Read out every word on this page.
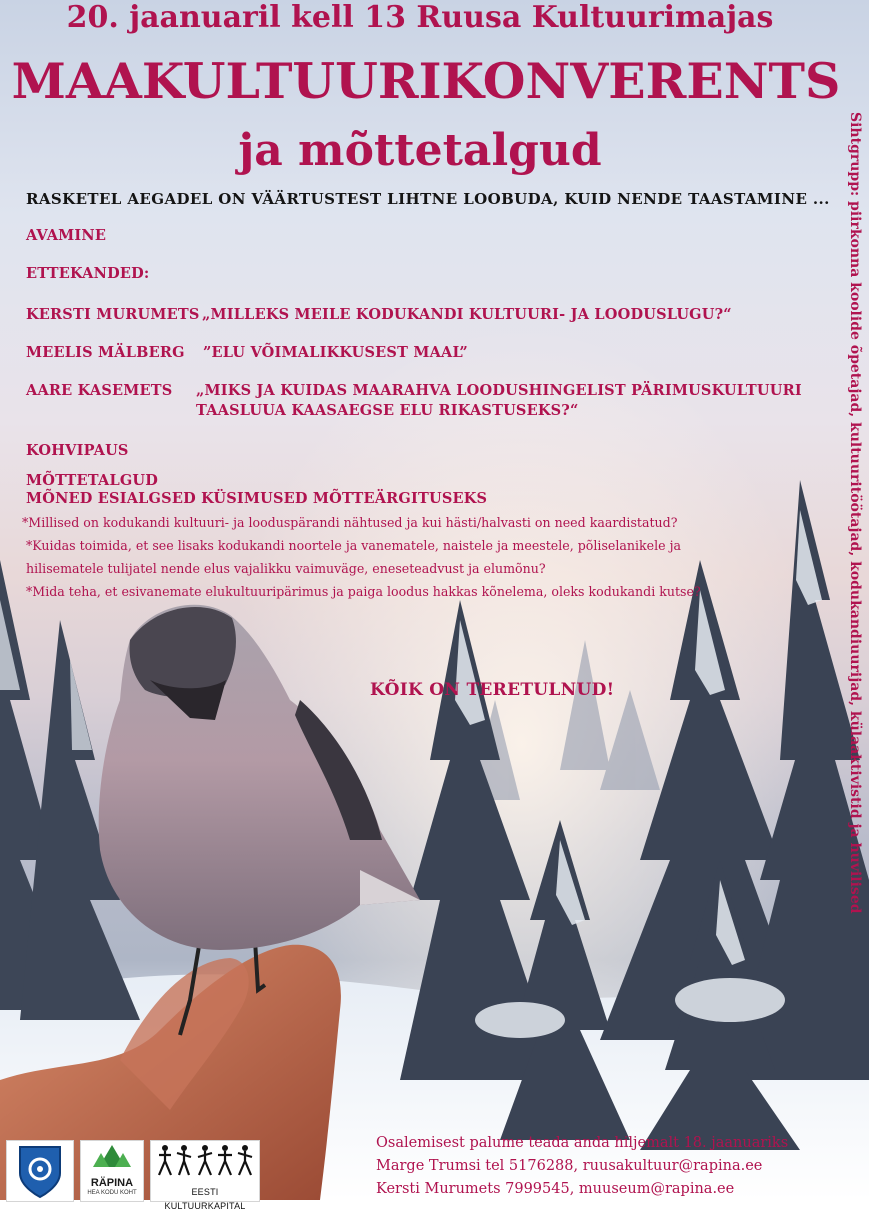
20. jaanuaril kell 13 Ruusa Kultuurimajas
MAAKULTUURIKONVERENTS
ja mõttetalgud
RASKETEL AEGADEL ON VÄÄRTUSTEST LIHTNE LOOBUDA, KUID NENDE TAASTAMINE ... Sihtgrupp: piirkonna koolide õpetajad, kultuuritöötajad, kodukandiuurijad, külaaktivistid ja huvilised
AVAMINE
ETTEKANDED:
KERSTI MURUMETS „MILLEKS MEILE KODUKANDI KULTUURI- JA LOODUSLUGU?“
MEELIS MÄLBERG ”ELU VÕIMALIKKUSEST MAAL”
AARE KASEMETS „MIKS JA KUIDAS MAARAHVA LOODUSHINGELIST PÄRIMUSKULTUURI
TAASLUUA KAASAEGSE ELU RIKASTUSEKS?“
KOHVIPAUS
MÕTTETALGUD
MÕNED ESIALGSED KÜSIMUSED MÕTTEÄRGITUSEKS
*Millised on kodukandi kultuuri- ja looduspärandi nähtused ja kui hästi/halvasti on need kaardistatud?
*Kuidas toimida, et see lisaks kodukandi noortele ja vanematele, naistele ja meestele, põliselanikele ja
hilisematele tulijatel nende elus vajalikku vaimuväge, eneseteadvust ja elumõnu?
*Mida teha, et esivanemate elukultuuripärimus ja paiga loodus hakkas kõnelema, oleks kodukandi kutse?
KÕIK ON TERETULNUD!
Osalemisest palume teada anda hiljemalt 18. jaanuariks
Marge Trumsi tel 5176288, ruusakultuur@rapina.ee
Kersti Murumets 7999545, muuseum@rapina.ee
RÄPINA
HEA KODU KOHT	EESTI KULTUURKAPITAL
